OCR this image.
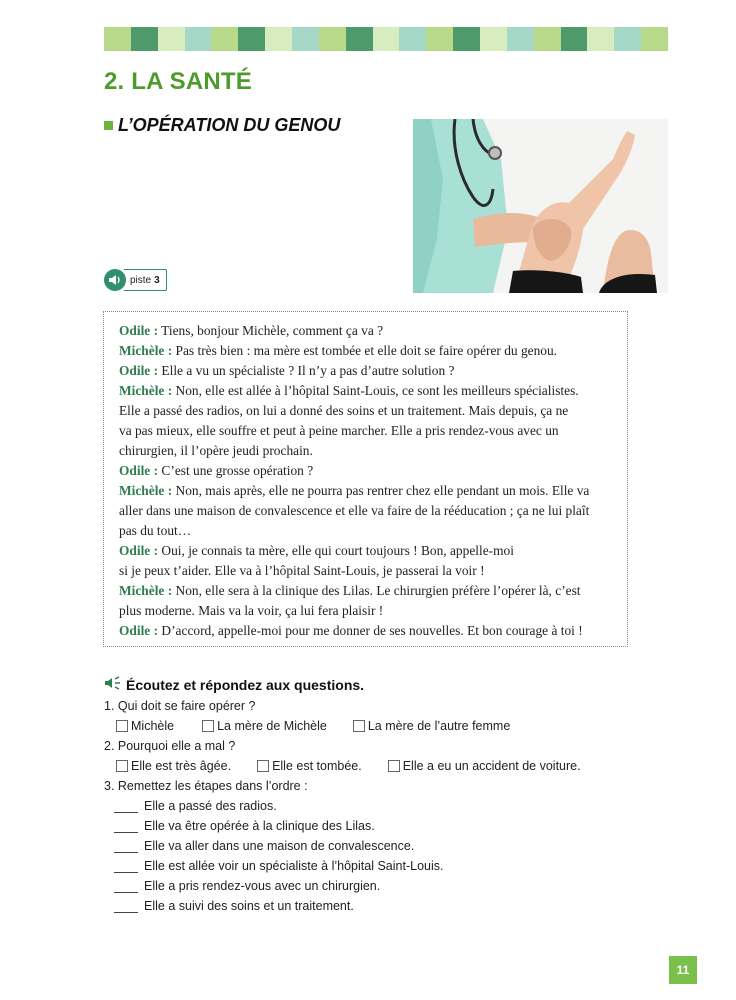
2. LA SANTÉ
L’OPÉRATION DU GENOU
piste 3

Odile : Tiens, bonjour Michèle, comment ça va ?

Michèle : Pas très bien : ma mère est tombée et elle doit se faire opérer du genou.

Odile : Elle a vu un spécialiste ? Il n’y a pas d’autre solution ?

Michèle : Non, elle est allée à l’hôpital Saint-Louis, ce sont les meilleurs spécialistes.

Elle a passé des radios, on lui a donné des soins et un traitement. Mais depuis, ça ne

va pas mieux, elle souffre et peut à peine marcher. Elle a pris rendez-vous avec un

chirurgien, il l’opère jeudi prochain.

Odile : C’est une grosse opération ?

Michèle : Non, mais après, elle ne pourra pas rentrer chez elle pendant un mois. Elle va

aller dans une maison de convalescence et elle va faire de la rééducation ; ça ne lui plaît

pas du tout…

Odile : Oui, je connais ta mère, elle qui court toujours ! Bon, appelle-moi

si je peux t’aider. Elle va à l’hôpital Saint-Louis, je passerai la voir !

Michèle : Non, elle sera à la clinique des Lilas. Le chirurgien préfère l’opérer là, c’est

plus moderne. Mais va la voir, ça lui fera plaisir !

Odile : D’accord, appelle-moi pour me donner de ses nouvelles. Et bon courage à toi !

Écoutez et répondez aux questions.
1. Qui doit se faire opérer ?
Michèle	La mère de Michèle	La mère de l’autre femme
2. Pourquoi elle a mal ?
Elle est très âgée.	Elle est tombée.	Elle a eu un accident de voiture.
3. Remettez les étapes dans l’ordre :
Elle a passé des radios.
Elle va être opérée à la clinique des Lilas.
Elle va aller dans une maison de convalescence.
Elle est allée voir un spécialiste à l’hôpital Saint-Louis.
Elle a pris rendez-vous avec un chirurgien.
Elle a suivi des soins et un traitement.
11
